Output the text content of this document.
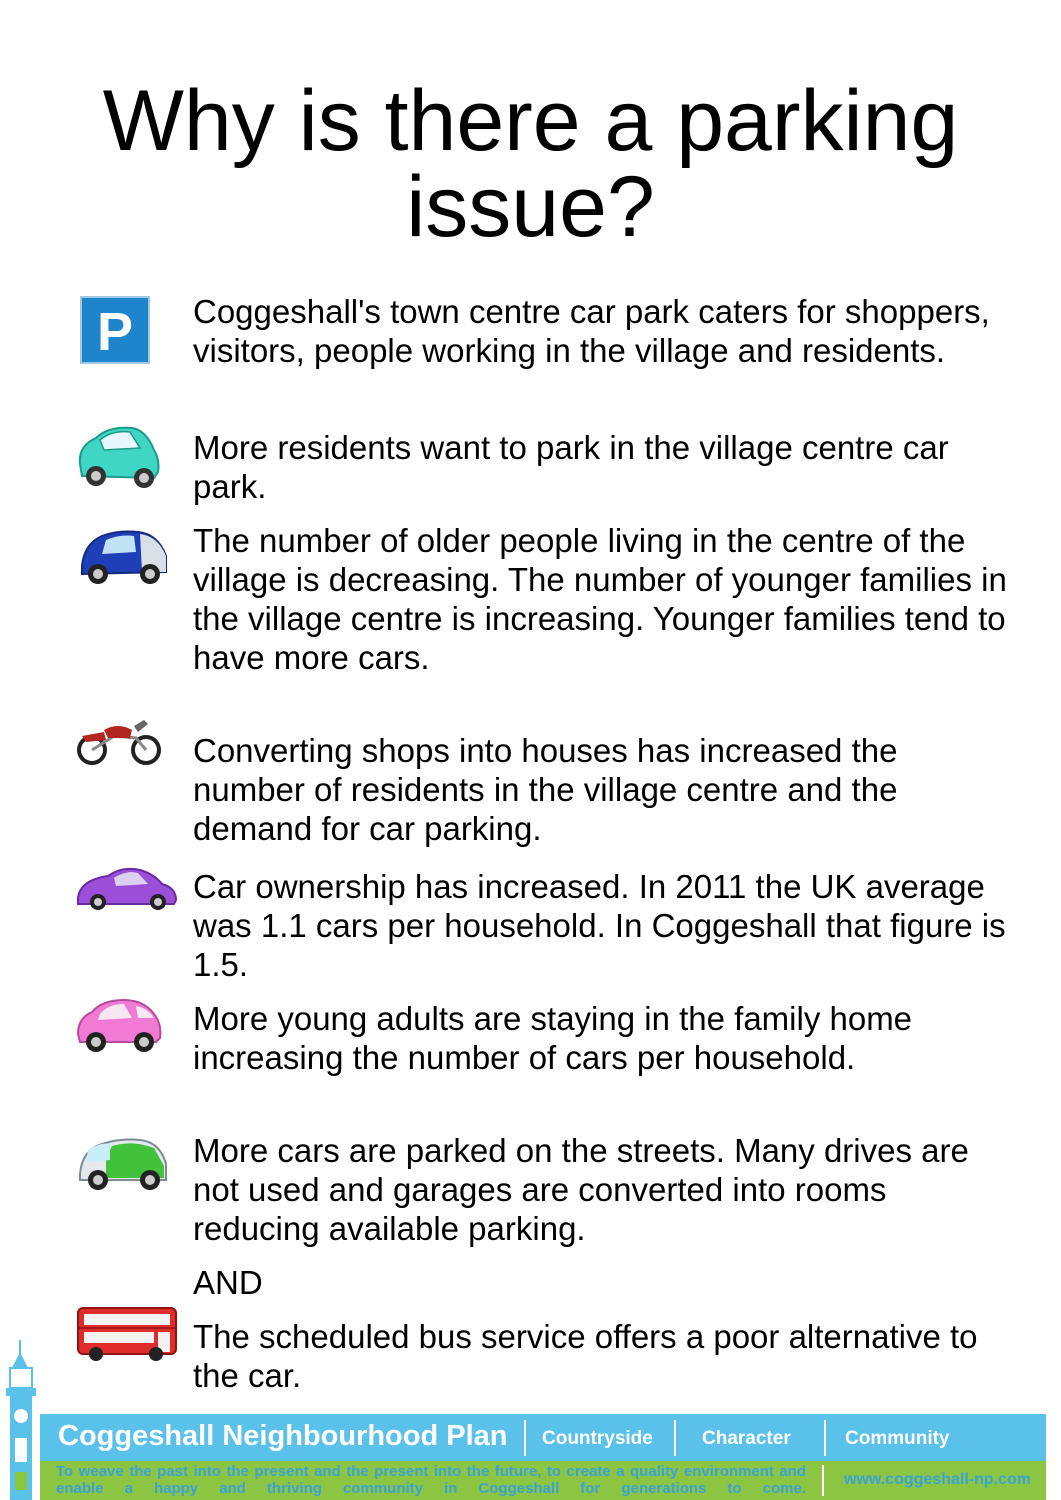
Why is there a parking
issue?
P Coggeshall's town centre car park caters for shoppers, visitors, people working in the village and residents.

More residents want to park in the village centre car park.

The number of older people living in the centre of the village is decreasing. The number of younger families in the village centre is increasing. Younger families tend to have more cars.

Converting shops into houses has increased the number of residents in the village centre and the demand for car parking.

Car ownership has increased. In 2011 the UK average was 1.1 cars per household. In Coggeshall that figure is 1.5.

More young adults are staying in the family home increasing the number of cars per household.

More cars are parked on the streets. Many drives are not used and garages are converted into rooms reducing available parking.

AND

The scheduled bus service offers a poor alternative to the car.

Coggeshall Neighbourhood Plan Countryside	Character	Community
To weave the past into the present and the present into the future, to create a quality environment and enable a happy and thriving community in Coggeshall for generations to come.
www.coggeshall-np.com
